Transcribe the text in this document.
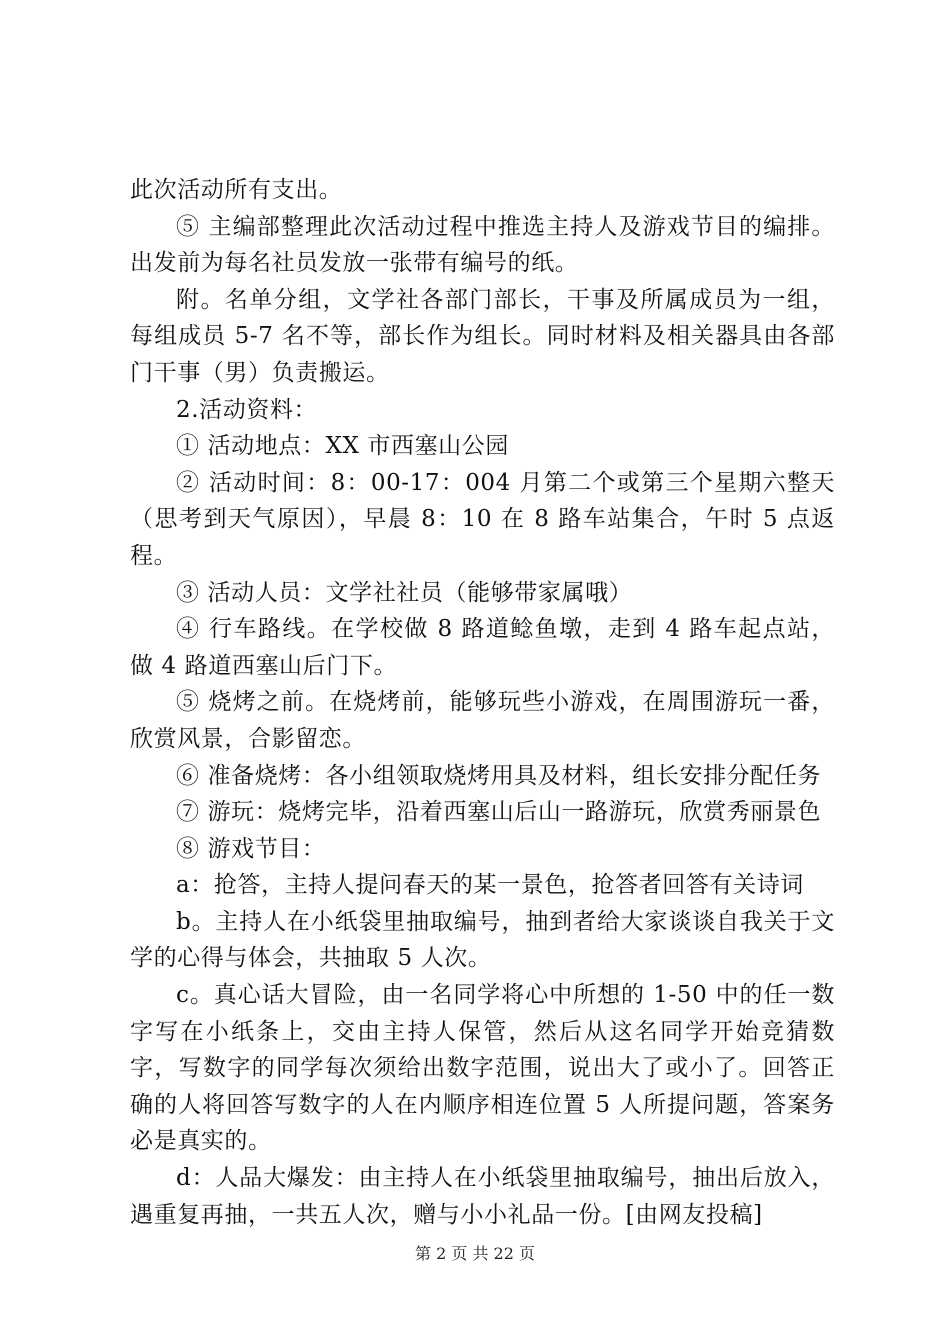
此次活动所有支出。

⑤ 主编部整理此次活动过程中推选主持人及游戏节目的编排。出发前为每名社员发放一张带有编号的纸。

附。名单分组，文学社各部门部长，干事及所属成员为一组，每组成员 5-7 名不等，部长作为组长。同时材料及相关器具由各部门干事（男）负责搬运。

2.活动资料：

① 活动地点：XX 市西塞山公园

② 活动时间：8：00-17：004 月第二个或第三个星期六整天（思考到天气原因），早晨 8：10 在 8 路车站集合，午时 5 点返程。

③ 活动人员：文学社社员（能够带家属哦）

④ 行车路线。在学校做 8 路道鲶鱼墩，走到 4 路车起点站，做 4 路道西塞山后门下。

⑤ 烧烤之前。在烧烤前，能够玩些小游戏，在周围游玩一番，欣赏风景，合影留恋。

⑥ 准备烧烤：各小组领取烧烤用具及材料，组长安排分配任务

⑦ 游玩：烧烤完毕，沿着西塞山后山一路游玩，欣赏秀丽景色

⑧ 游戏节目：

a：抢答，主持人提问春天的某一景色，抢答者回答有关诗词

b。主持人在小纸袋里抽取编号，抽到者给大家谈谈自我关于文学的心得与体会，共抽取 5 人次。

c。真心话大冒险，由一名同学将心中所想的 1-50 中的任一数字写在小纸条上，交由主持人保管，然后从这名同学开始竞猜数字，写数字的同学每次须给出数字范围，说出大了或小了。回答正确的人将回答写数字的人在内顺序相连位置 5 人所提问题，答案务必是真实的。

d：人品大爆发：由主持人在小纸袋里抽取编号，抽出后放入，遇重复再抽，一共五人次，赠与小小礼品一份。[由网友投稿]

第 2 页 共 22 页
